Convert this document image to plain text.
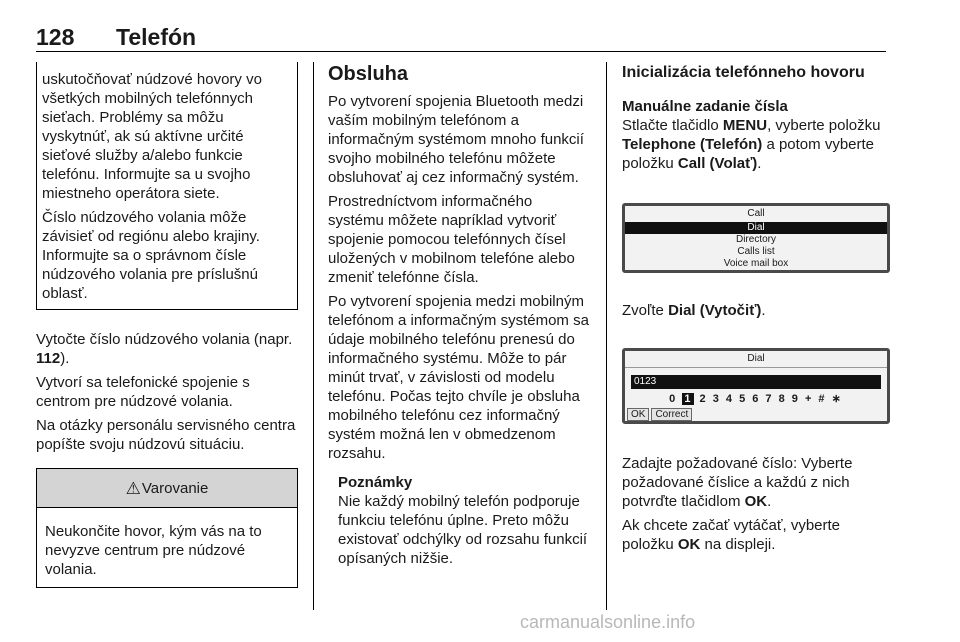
128 Telefón

uskutočňovať núdzové hovory vo všetkých mobilných telefónnych sieťach. Problémy sa môžu vyskytnúť, ak sú aktívne určité sieťové služby a/alebo funkcie telefónu. Informujte sa u svojho miestneho operátora siete.

Číslo núdzového volania môže závisieť od regiónu alebo krajiny. Informujte sa o správnom čísle núdzového volania pre príslušnú oblasť.

Vytočte číslo núdzového volania (napr. 112).

Vytvorí sa telefonické spojenie s centrom pre núdzové volania.

Na otázky personálu servisného centra popíšte svoju núdzovú situáciu.

⚠ Varovanie
Neukončite hovor, kým vás na to nevyzve centrum pre núdzové volania.
Obsluha

Po vytvorení spojenia Bluetooth medzi vaším mobilným telefónom a informačným systémom mnoho funkcií svojho mobilného telefónu môžete obsluhovať aj cez informačný systém.

Prostredníctvom informačného systému môžete napríklad vytvoriť spojenie pomocou telefónnych čísel uložených v mobilnom telefóne alebo zmeniť telefónne čísla.

Po vytvorení spojenia medzi mobilným telefónom a informačným systémom sa údaje mobilného telefónu prenesú do informačného systému. Môže to pár minút trvať, v závislosti od modelu telefónu. Počas tejto chvíle je obsluha mobilného telefónu cez informačný systém možná len v obmedzenom rozsahu.

Poznámky
Nie každý mobilný telefón podporuje funkciu telefónu úplne. Preto môžu existovať odchýlky od rozsahu funkcií opísaných nižšie.
Inicializácia telefónneho hovoru
Manuálne zadanie čísla

Stlačte tlačidlo MENU, vyberte položku Telephone (Telefón) a potom vyberte položku Call (Volať).

Call
Dial
Directory
Calls list
Voice mail box

Zvoľte Dial (Vytočiť).

Dial
0123
0 1 2 3 4 5 6 7 8 9 + # ∗
OK	Correct

Zadajte požadované číslo: Vyberte požadované číslice a každú z nich potvrďte tlačidlom OK.

Ak chcete začať vytáčať, vyberte položku OK na displeji.

carmanualsonline.info
